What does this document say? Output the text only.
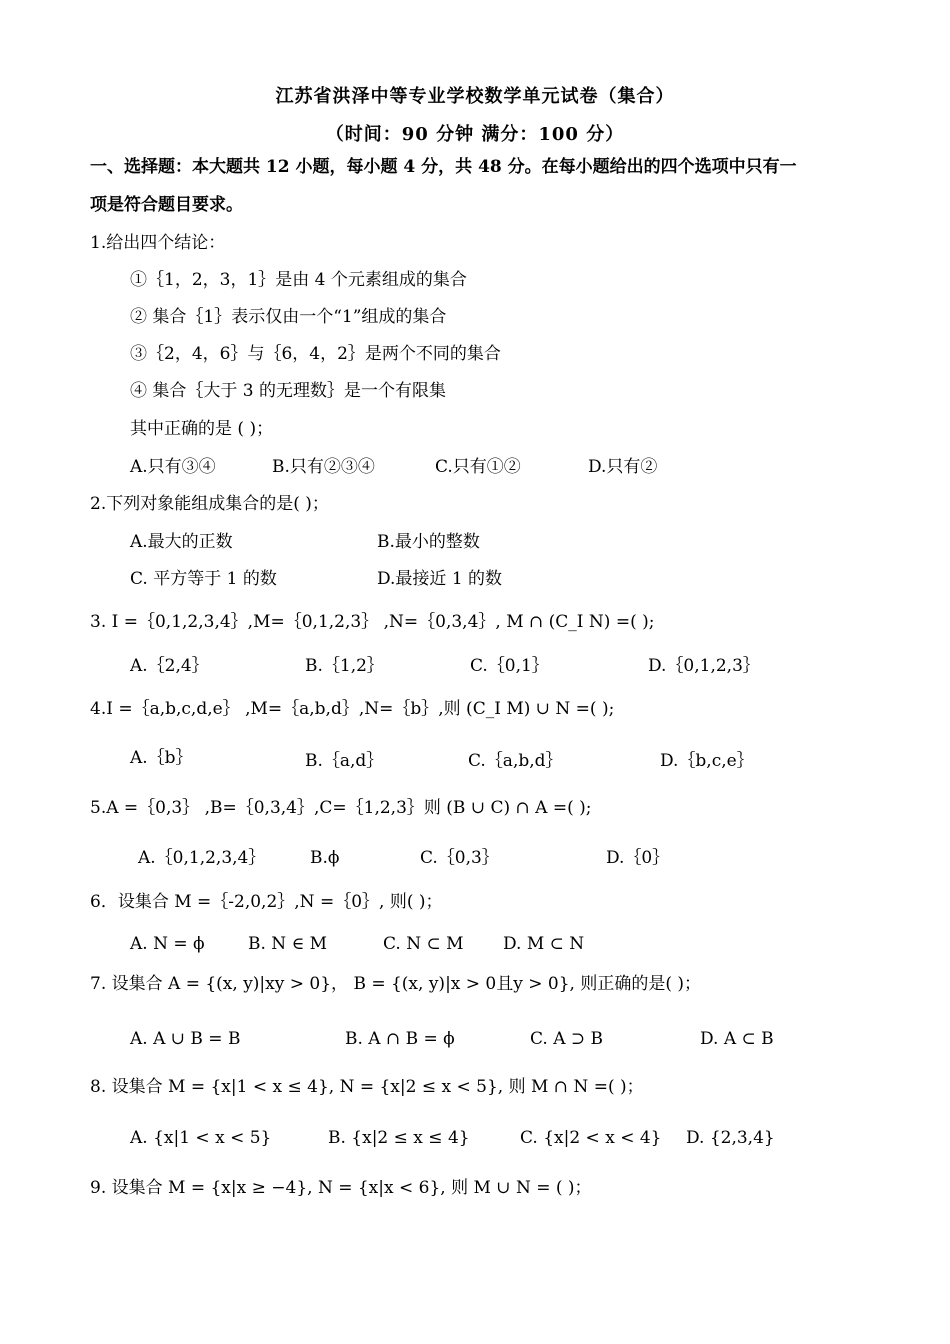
江苏省洪泽中等专业学校数学单元试卷（集合）
（时间：90 分钟 满分：100 分）
一、选择题：本大题共 12 小题，每小题 4 分，共 48 分。在每小题给出的四个选项中只有一
项是符合题目要求。
1.给出四个结论：
①｛1，2，3，1｝是由 4 个元素组成的集合
② 集合｛1｝表示仅由一个“1”组成的集合
③｛2，4，6｝与｛6，4，2｝是两个不同的集合
④ 集合｛大于 3 的无理数｝是一个有限集
其中正确的是 ( )；
A.只有③④	B.只有②③④	C.只有①②	D.只有②
2.下列对象能组成集合的是( )；
A.最大的正数	B.最小的整数
C. 平方等于 1 的数	D.最接近 1 的数
3. I =｛0,1,2,3,4｝,M=｛0,1,2,3｝ ,N=｛0,3,4｝, M ∩ (C_I N) =( );
A.｛2,4｝	B.｛1,2｝	C.｛0,1｝	D.｛0,1,2,3｝
4.I =｛a,b,c,d,e｝ ,M=｛a,b,d｝,N=｛b｝,则 (C_I M) ∪ N =( );
A.｛b｝	B.｛a,d｝	C.｛a,b,d｝	D.｛b,c,e｝
5.A =｛0,3｝ ,B=｛0,3,4｝,C=｛1,2,3｝则 (B ∪ C) ∩ A =( );
A.｛0,1,2,3,4｝	B.ϕ	C.｛0,3｝	D.｛0｝
6．设集合 M =｛-2,0,2｝,N =｛0｝, 则( )；
A. N = ϕ	B. N ∈ M	C. N ⊂ M D. M ⊂ N
7. 设集合 A = {(x, y)|xy > 0}， B = {(x, y)|x > 0且y > 0}, 则正确的是( )；
A. A ∪ B = B	B. A ∩ B = ϕ	C. A ⊃ B	D. A ⊂ B
8. 设集合 M = {x|1 < x ≤ 4}, N = {x|2 ≤ x < 5}, 则 M ∩ N =( )；
A. {x|1 < x < 5}	B. {x|2 ≤ x ≤ 4}	C. {x|2 < x < 4} D. {2,3,4}
9. 设集合 M = {x|x ≥ −4}, N = {x|x < 6}, 则 M ∪ N = ( )；
